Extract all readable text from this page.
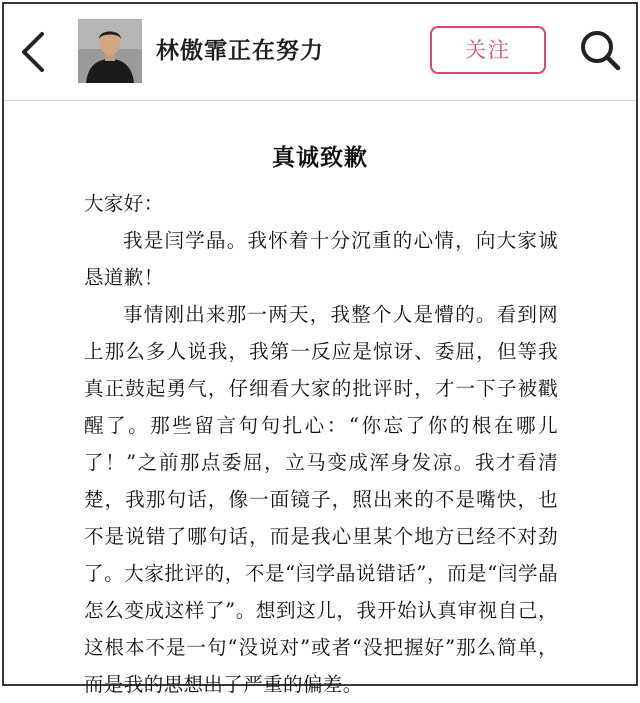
林傲霏正在努力	关注
真诚致歉

大家好：

我是闫学晶。我怀着十分沉重的心情，向大家诚恳道歉！

事情刚出来那一两天，我整个人是懵的。看到网上那么多人说我，我第一反应是惊讶、委屈，但等我真正鼓起勇气，仔细看大家的批评时，才一下子被戳醒了。那些留言句句扎心：“你忘了你的根在哪儿了！”之前那点委屈，立马变成浑身发凉。我才看清楚，我那句话，像一面镜子，照出来的不是嘴快，也不是说错了哪句话，而是我心里某个地方已经不对劲了。大家批评的，不是“闫学晶说错话”，而是“闫学晶怎么变成这样了”。想到这儿，我开始认真审视自己，这根本不是一句“没说对”或者“没把握好”那么简单，而是我的思想出了严重的偏差。
